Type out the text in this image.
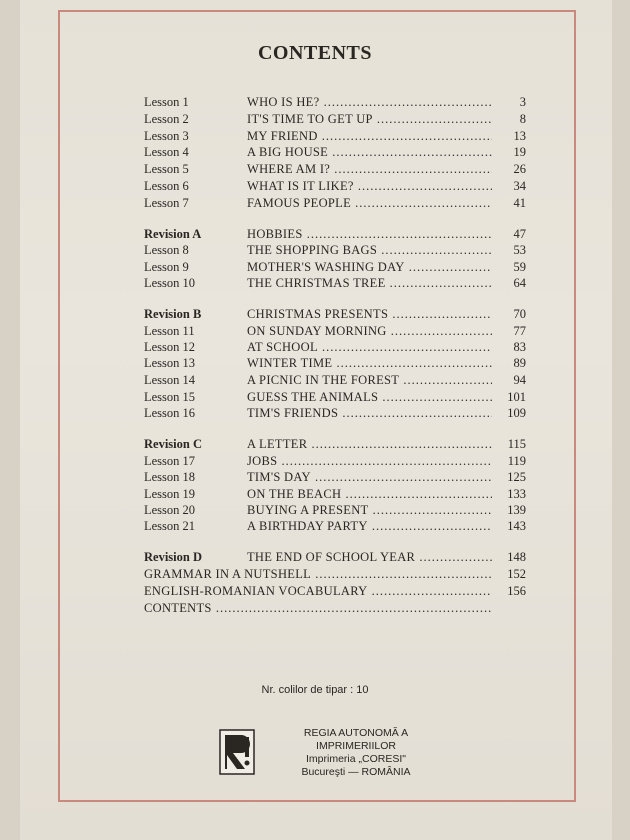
CONTENTS
Lesson 1	WHO IS HE? .....	3
Lesson 2	IT'S TIME TO GET UP .....	8
Lesson 3	MY FRIEND .....	13
Lesson 4	A BIG HOUSE .....	19
Lesson 5	WHERE AM I? .....	26
Lesson 6	WHAT IS IT LIKE? .....	34
Lesson 7	FAMOUS PEOPLE .....	41
Revision A	HOBBIES .....	47
Lesson 8	THE SHOPPING BAGS .....	53
Lesson 9	MOTHER'S WASHING DAY .....	59
Lesson 10	THE CHRISTMAS TREE .....	64
Revision B	CHRISTMAS PRESENTS .....	70
Lesson 11	ON SUNDAY MORNING .....	77
Lesson 12	AT SCHOOL .....	83
Lesson 13	WINTER TIME .....	89
Lesson 14	A PICNIC IN THE FOREST .....	94
Lesson 15	GUESS THE ANIMALS .....	101
Lesson 16	TIM'S FRIENDS .....	109
Revision C	A LETTER .....	115
Lesson 17	JOBS .....	119
Lesson 18	TIM'S DAY .....	125
Lesson 19	ON THE BEACH .....	133
Lesson 20	BUYING A PRESENT .....	139
Lesson 21	A BIRTHDAY PARTY .....	143
Revision D	THE END OF SCHOOL YEAR .....	148
GRAMMAR IN A NUTSHELL .....	152
ENGLISH-ROMANIAN VOCABULARY .....	156
CONTENTS .....
Nr. colilor de tipar : 10
REGIA AUTONOMĂ A
IMPRIMERIILOR
Imprimeria „CORESI"
Bucureşti — ROMÂNIA
